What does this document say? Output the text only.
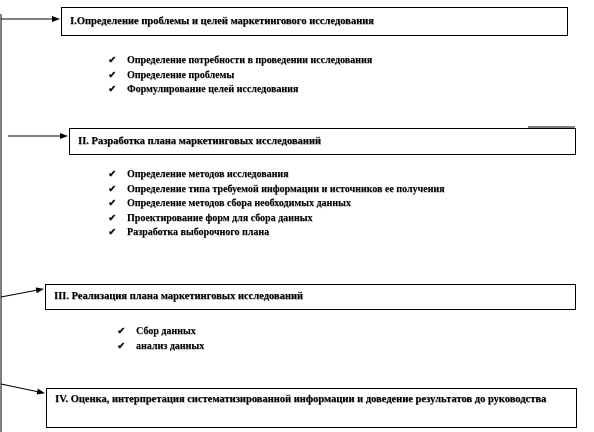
I.Определение проблемы и целей маркетингового исследования
✔ Определение потребности в проведении исследования
✔ Определение проблемы
✔ Формулирование целей исследования
II. Разработка плана маркетинговых исследований
✔ Определение методов исследования
✔ Определение типа требуемой информации и источников ее получения
✔ Определение методов сбора необходимых данных
✔ Проектирование форм для сбора данных
✔ Разработка выборочного плана
III. Реализация плана маркетинговых исследований
✔ Сбор данных
✔ анализ данных
IV. Оценка, интерпретация систематизированной информации и доведение результатов до руководства
